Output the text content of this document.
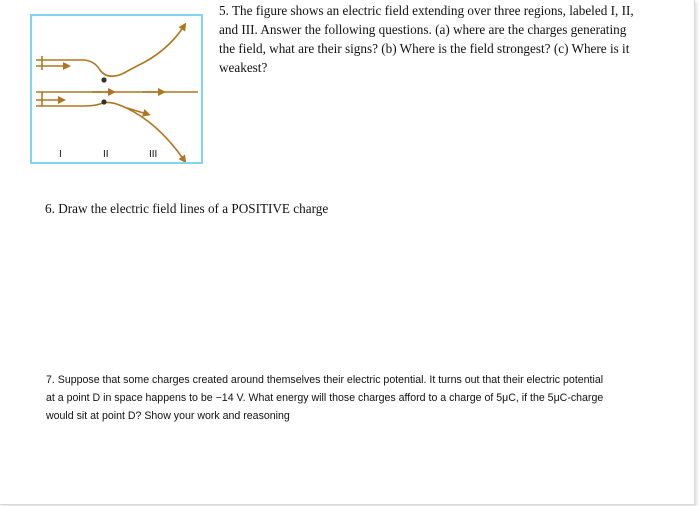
I	II	III
5. The figure shows an electric field extending over three regions, labeled I, II,
and III. Answer the following questions. (a) where are the charges generating
the field, what are their signs? (b) Where is the field strongest? (c) Where is it
weakest?
6. Draw the electric field lines of a POSITIVE charge
7. Suppose that some charges created around themselves their electric potential. It turns out that their electric potential
at a point D in space happens to be −14 V. What energy will those charges afford to a charge of 5μC, if the 5μC-charge
would sit at point D? Show your work and reasoning
